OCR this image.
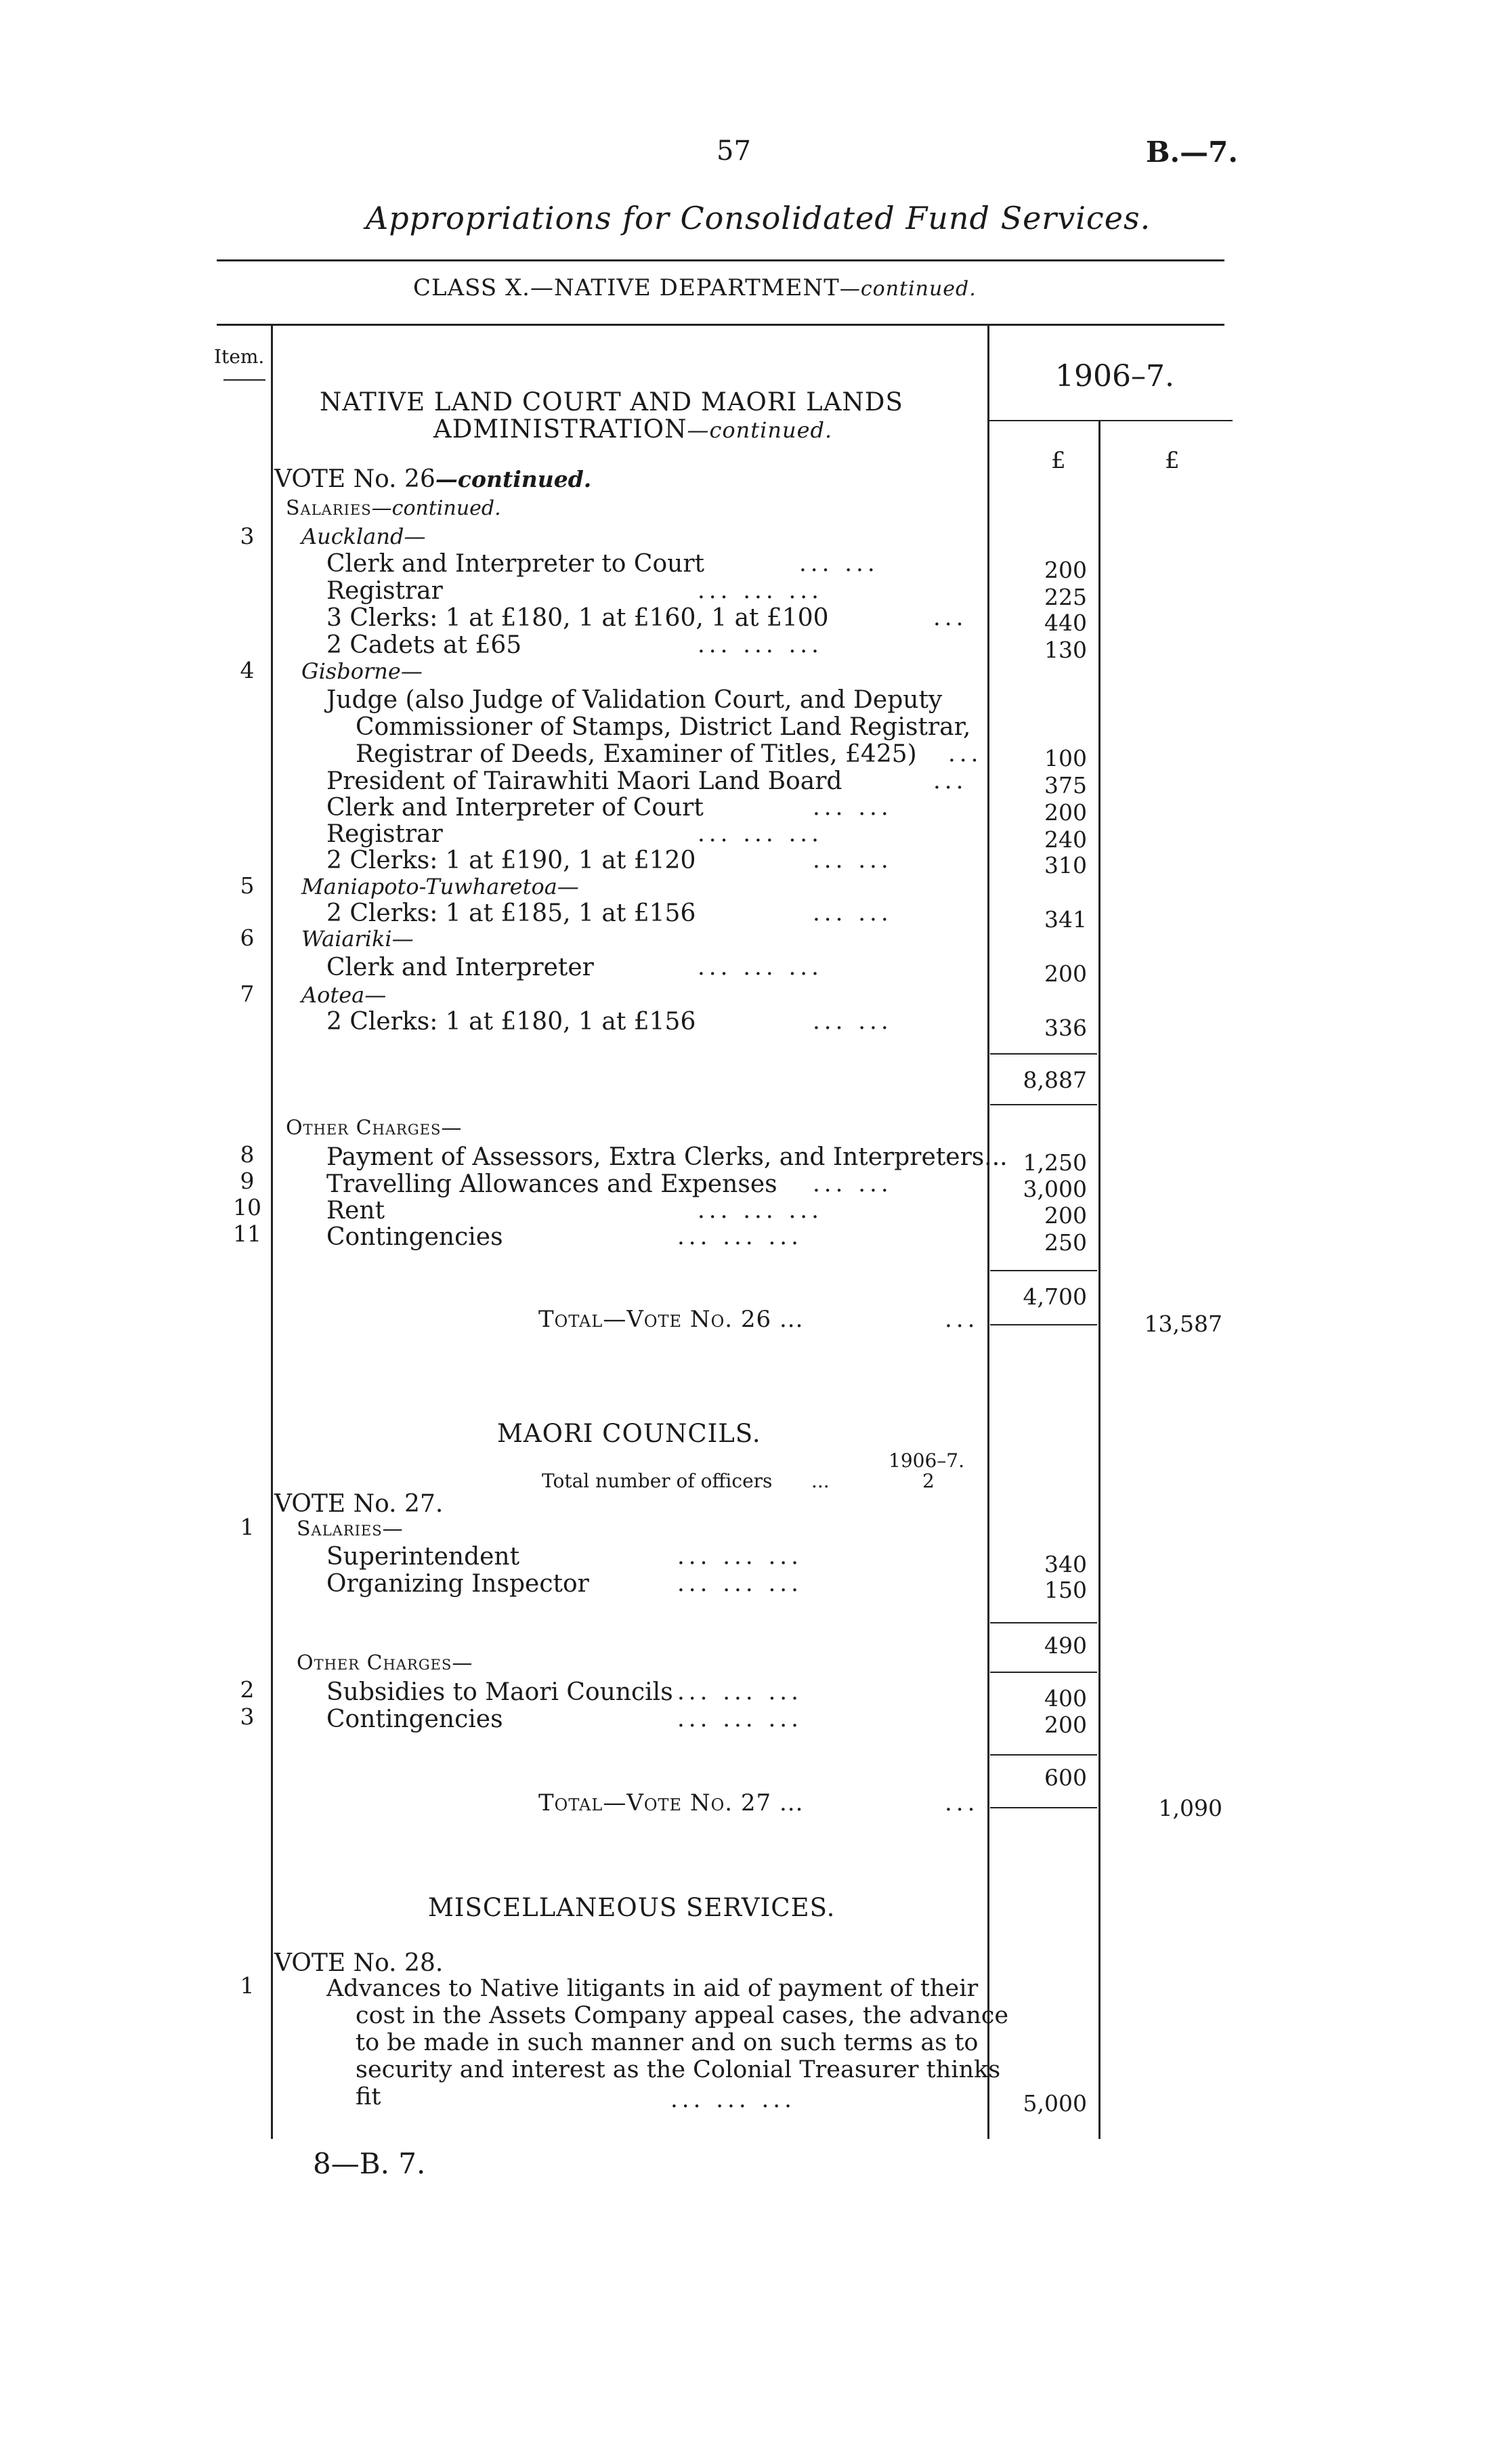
57	B.—7.
Appropriations for Consolidated Fund Services.
CLASS X.—NATIVE DEPARTMENT—continued.
Item.
1906–7.
£	£
NATIVE LAND COURT AND MAORI LANDS
ADMINISTRATION—continued.
VOTE No. 26—continued.
Salaries—continued.
3	Auckland—
Clerk and Interpreter to Court	... ...	200
Registrar	... ... ...	225
3 Clerks: 1 at £180, 1 at £160, 1 at £100	...	440
2 Cadets at £65	... ... ...	130
4	Gisborne—
Judge (also Judge of Validation Court, and Deputy
Commissioner of Stamps, District Land Registrar,
Registrar of Deeds, Examiner of Titles, £425) ...	100
President of Tairawhiti Maori Land Board	...	375
Clerk and Interpreter of Court	... ...	200
Registrar	... ... ...	240
2 Clerks: 1 at £190, 1 at £120	... ...	310
5	Maniapoto-Tuwharetoa—
2 Clerks: 1 at £185, 1 at £156	... ...	341
6	Waiariki—
Clerk and Interpreter	... ... ...	200
7	Aotea—
2 Clerks: 1 at £180, 1 at £156	... ...	336
8,887
Other Charges—
8	Payment of Assessors, Extra Clerks, and Interpreters... 1,250
9	Travelling Allowances and Expenses ... ...	3,000
10	Rent	... ... ...	200
11	Contingencies	... ... ...	250
4,700
Total—Vote No. 26 ...	...	13,587
MAORI COUNCILS.
1906–7.
Total number of officers ...	2
VOTE No. 27.
1	Salaries—
Superintendent	... ... ...	340
Organizing Inspector	... ... ...	150
490
Other Charges—
2	Subsidies to Maori Councils ... ... ...	400
3	Contingencies	... ... ...	200
600
Total—Vote No. 27 ...	...	1,090
MISCELLANEOUS SERVICES.
VOTE No. 28.
1	Advances to Native litigants in aid of payment of their
cost in the Assets Company appeal cases, the advance
to be made in such manner and on such terms as to
security and interest as the Colonial Treasurer thinks
fit	... ... ...	5,000
8—B. 7.
